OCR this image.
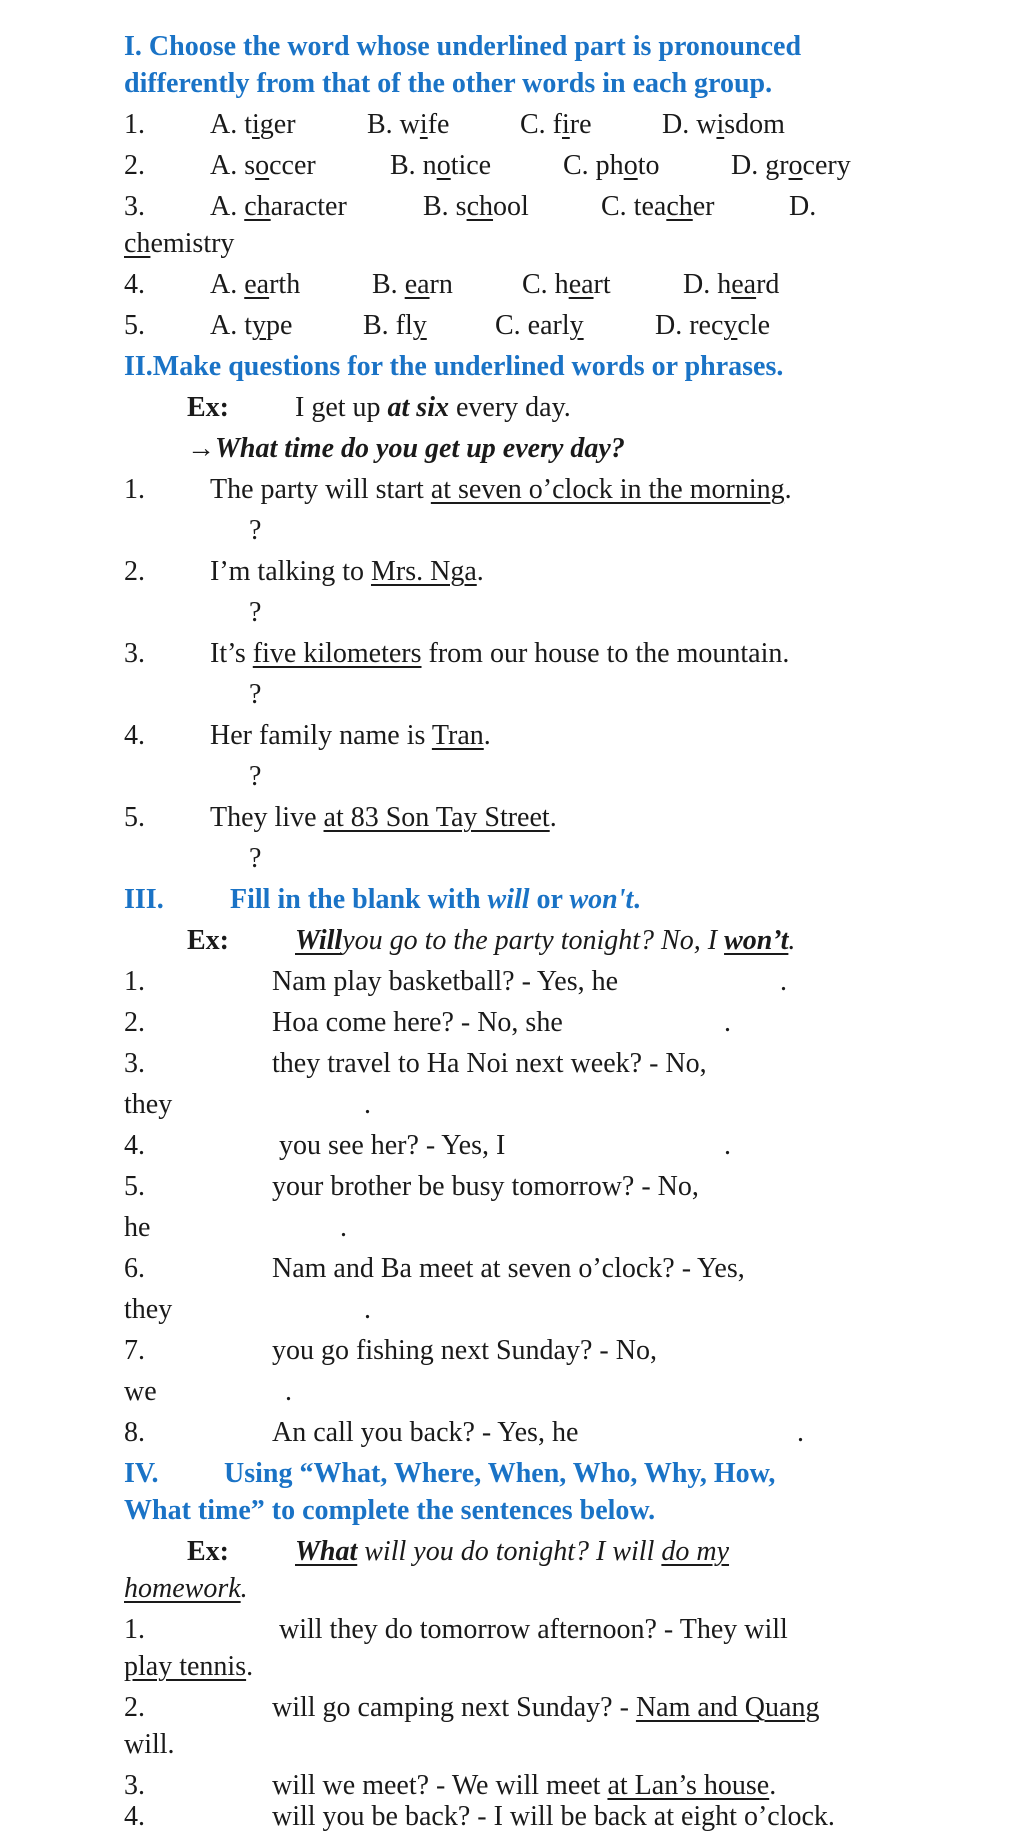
I. Choose the word whose underlined part is pronounced
differently from that of the other words in each group.
1. A. tiger	B. wife	C. fire	D. wisdom
2. A. soccer	B. notice	C. photo	D. grocery
3. A. character	B. school	C. teacher	D.
chemistry
4. A. earth	B. earn C. heart	D. heard
5. A. type	B. fly C. early	D. recycle
II.Make questions for the underlined words or phrases.
Ex: I get up at six every day.
→What time do you get up every day?
1. The party will start at seven o’clock in the morning.
?
2. I’m talking to Mrs. Nga.
?
3. It’s five kilometers from our house to the mountain.
?
4. Her family name is Tran.
?
5. They live at 83 Son Tay Street.
?
III. Fill in the blank with will or won't.
Ex: Willyou go to the party tonight? No, I won’t.
1.	Nam play basketball? - Yes, he	.
2.	Hoa come here? - No, she	.
3.	they travel to Ha Noi next week? - No,
they	.
4.	you see her? - Yes, I	.
5.	your brother be busy tomorrow? - No,
he	.
6.	Nam and Ba meet at seven o’clock? - Yes,
they	.
7.	you go fishing next Sunday? - No,
we	.
8.	An call you back? - Yes, he	.
IV. Using “What, Where, When, Who, Why, How,
What time” to complete the sentences below.
Ex: What will you do tonight? I will do my
homework.
1.	will they do tomorrow afternoon? - They will
play tennis.
2.	will go camping next Sunday? - Nam and Quang
will.
3.	will we meet? - We will meet at Lan’s house.
4.	will you be back? - I will be back at eight o’clock.
